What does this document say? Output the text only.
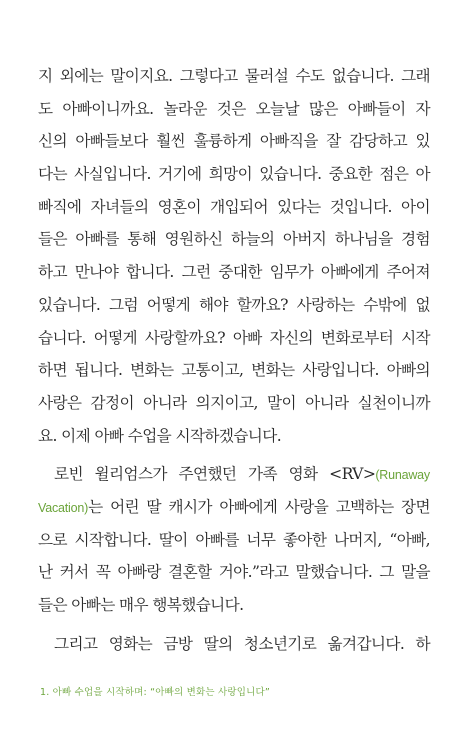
지 외에는 말이지요. 그렇다고 물러설 수도 없습니다. 그래
도 아빠이니까요. 놀라운 것은 오늘날 많은 아빠들이 자
신의 아빠들보다 훨씬 훌륭하게 아빠직을 잘 감당하고 있
다는 사실입니다. 거기에 희망이 있습니다. 중요한 점은 아
빠직에 자녀들의 영혼이 개입되어 있다는 것입니다. 아이
들은 아빠를 통해 영원하신 하늘의 아버지 하나님을 경험
하고 만나야 합니다. 그런 중대한 임무가 아빠에게 주어져
있습니다. 그럼 어떻게 해야 할까요? 사랑하는 수밖에 없
습니다. 어떻게 사랑할까요? 아빠 자신의 변화로부터 시작
하면 됩니다. 변화는 고통이고, 변화는 사랑입니다. 아빠의
사랑은 감정이 아니라 의지이고, 말이 아니라 실천이니까
요. 이제 아빠 수업을 시작하겠습니다.
로빈 윌리엄스가 주연했던 가족 영화 <RV>(Runaway
Vacation)는 어린 딸 캐시가 아빠에게 사랑을 고백하는 장면
으로 시작합니다. 딸이 아빠를 너무 좋아한 나머지, “아빠,
난 커서 꼭 아빠랑 결혼할 거야.”라고 말했습니다. 그 말을
들은 아빠는 매우 행복했습니다.
그리고 영화는 금방 딸의 청소년기로 옮겨갑니다. 하
1. 아빠 수업을 시작하며: “아빠의 변화는 사랑입니다”
